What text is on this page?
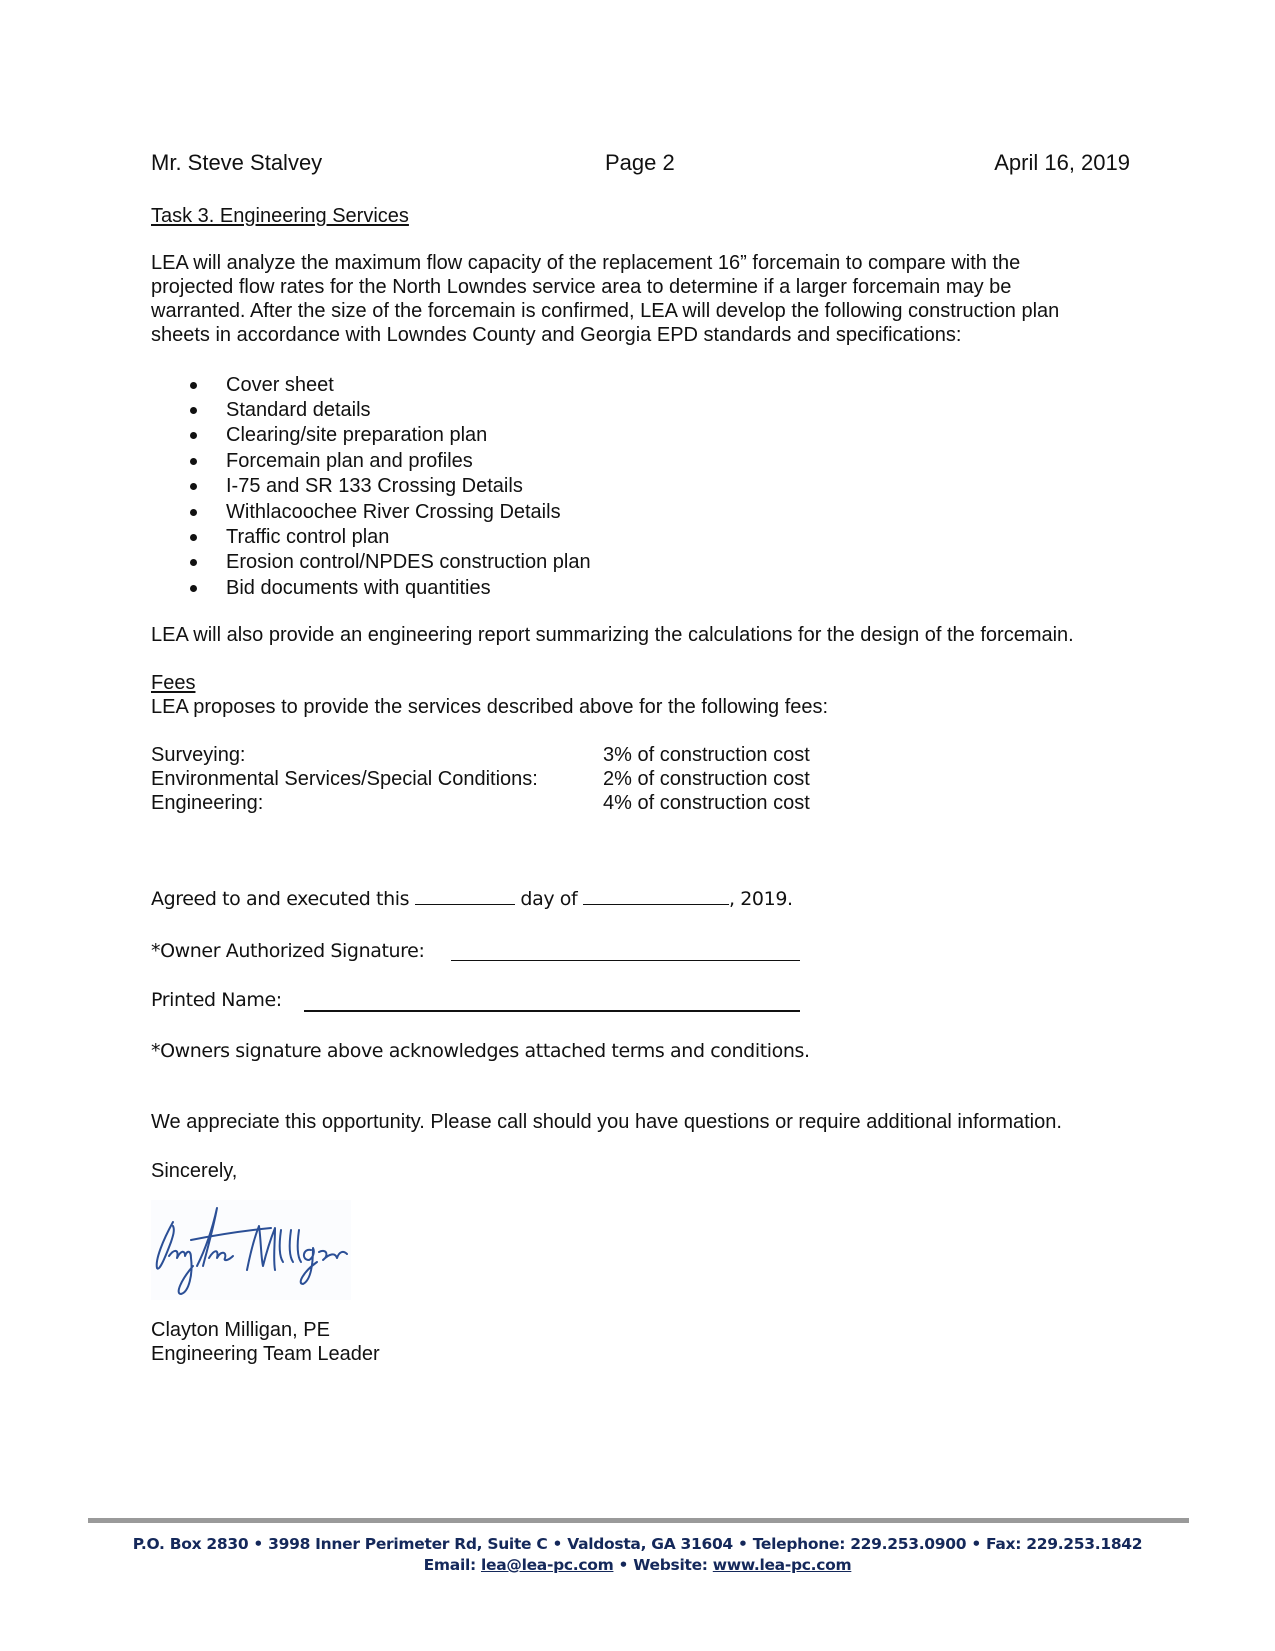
Mr. Steve Stalvey	Page 2	April 16, 2019
Task 3. Engineering Services
LEA will analyze the maximum flow capacity of the replacement 16” forcemain to compare with the
projected flow rates for the North Lowndes service area to determine if a larger forcemain may be
warranted. After the size of the forcemain is confirmed, LEA will develop the following construction plan
sheets in accordance with Lowndes County and Georgia EPD standards and specifications:
Cover sheet
Standard details
Clearing/site preparation plan
Forcemain plan and profiles
I-75 and SR 133 Crossing Details
Withlacoochee River Crossing Details
Traffic control plan
Erosion control/NPDES construction plan
Bid documents with quantities
LEA will also provide an engineering report summarizing the calculations for the design of the forcemain.
Fees
LEA proposes to provide the services described above for the following fees:
Surveying:	3% of construction cost
Environmental Services/Special Conditions:	2% of construction cost
Engineering:	4% of construction cost
Agreed to and executed this	day of	, 2019.
*Owner Authorized Signature:
Printed Name:
*Owners signature above acknowledges attached terms and conditions.
We appreciate this opportunity. Please call should you have questions or require additional information.
Sincerely,
Clayton Milligan, PE
Engineering Team Leader
P.O. Box 2830 • 3998 Inner Perimeter Rd, Suite C • Valdosta, GA 31604 • Telephone: 229.253.0900 • Fax: 229.253.1842
Email: lea@lea-pc.com • Website: www.lea-pc.com
